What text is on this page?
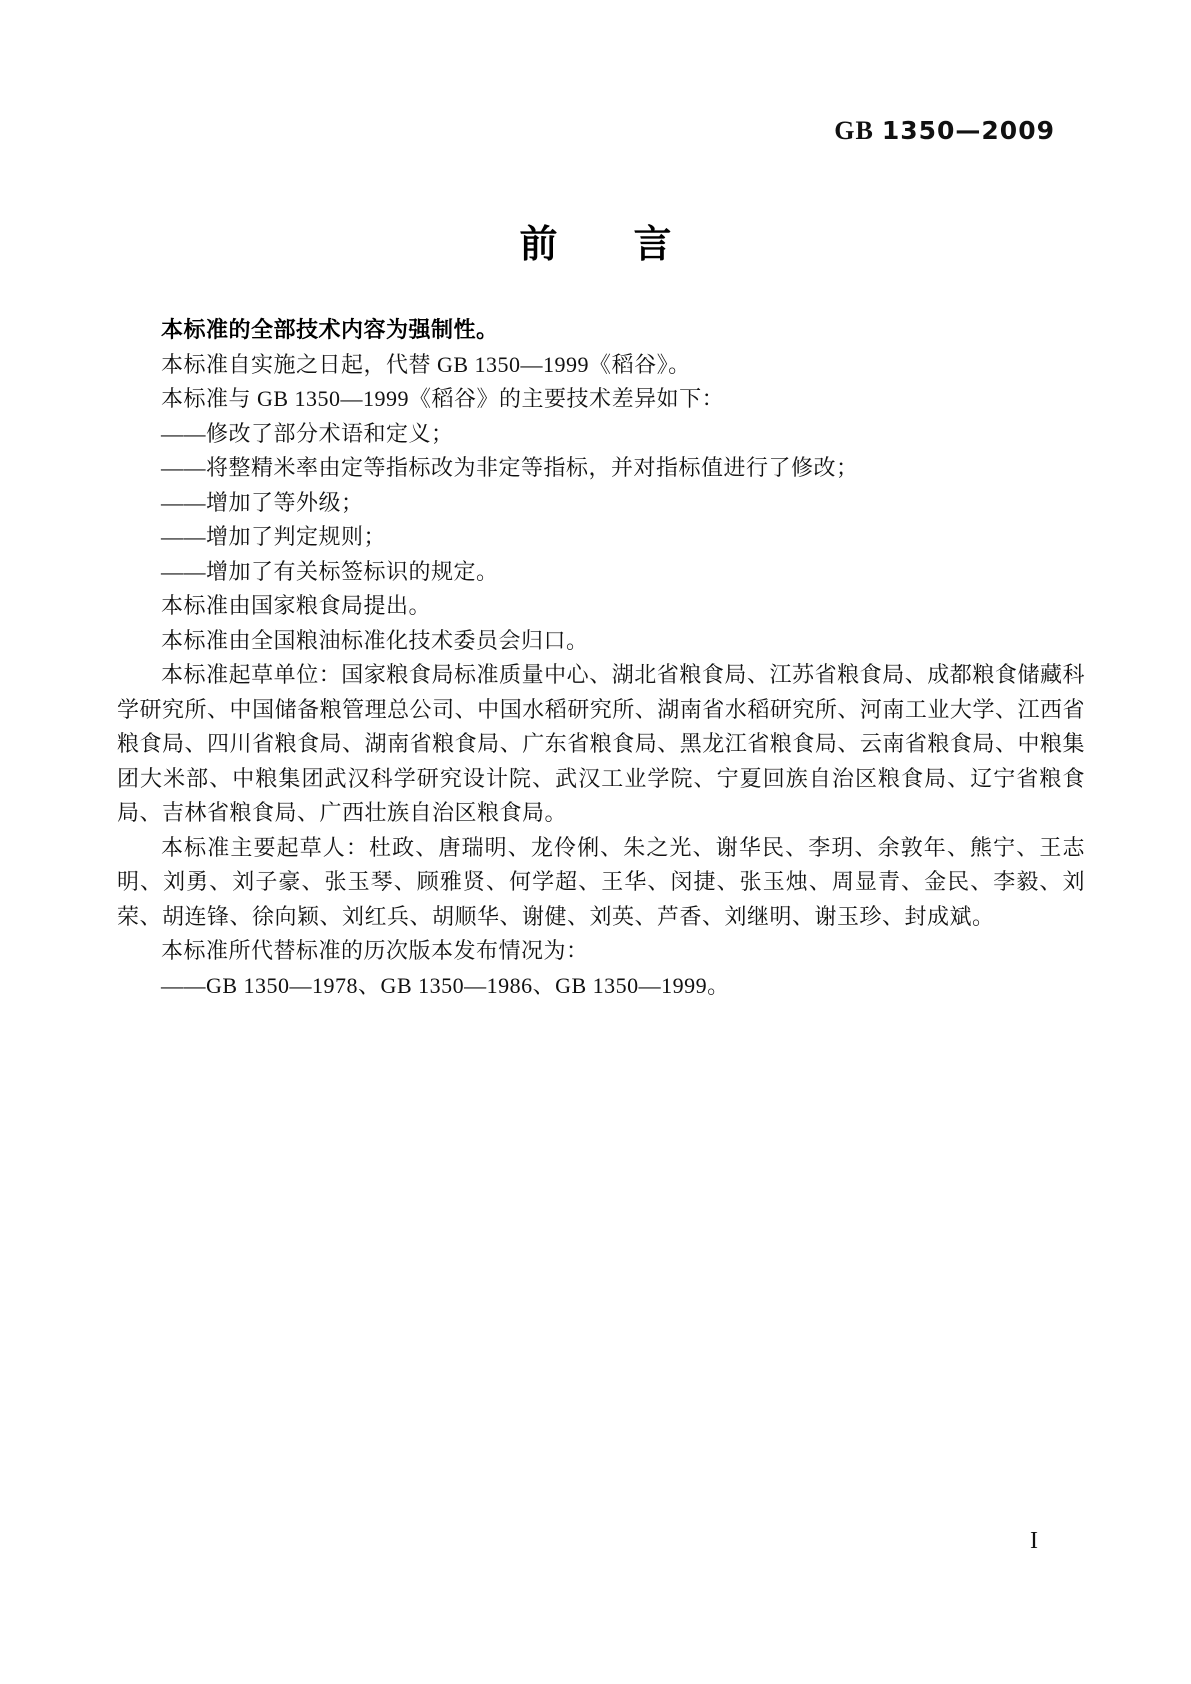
GB 1350—2009
前　　言

本标准的全部技术内容为强制性。

本标准自实施之日起，代替 GB 1350—1999《稻谷》。

本标准与 GB 1350—1999《稻谷》的主要技术差异如下：

——修改了部分术语和定义；

——将整精米率由定等指标改为非定等指标，并对指标值进行了修改；

——增加了等外级；

——增加了判定规则；

——增加了有关标签标识的规定。

本标准由国家粮食局提出。

本标准由全国粮油标准化技术委员会归口。

本标准起草单位：国家粮食局标准质量中心、湖北省粮食局、江苏省粮食局、成都粮食储藏科学研究所、中国储备粮管理总公司、中国水稻研究所、湖南省水稻研究所、河南工业大学、江西省粮食局、四川省粮食局、湖南省粮食局、广东省粮食局、黑龙江省粮食局、云南省粮食局、中粮集团大米部、中粮集团武汉科学研究设计院、武汉工业学院、宁夏回族自治区粮食局、辽宁省粮食局、吉林省粮食局、广西壮族自治区粮食局。

本标准主要起草人：杜政、唐瑞明、龙伶俐、朱之光、谢华民、李玥、余敦年、熊宁、王志明、刘勇、刘子豪、张玉琴、顾雅贤、何学超、王华、闵捷、张玉烛、周显青、金民、李毅、刘荣、胡连锋、徐向颖、刘红兵、胡顺华、谢健、刘英、芦香、刘继明、谢玉珍、封成斌。

本标准所代替标准的历次版本发布情况为：

——GB 1350—1978、GB 1350—1986、GB 1350—1999。

I
